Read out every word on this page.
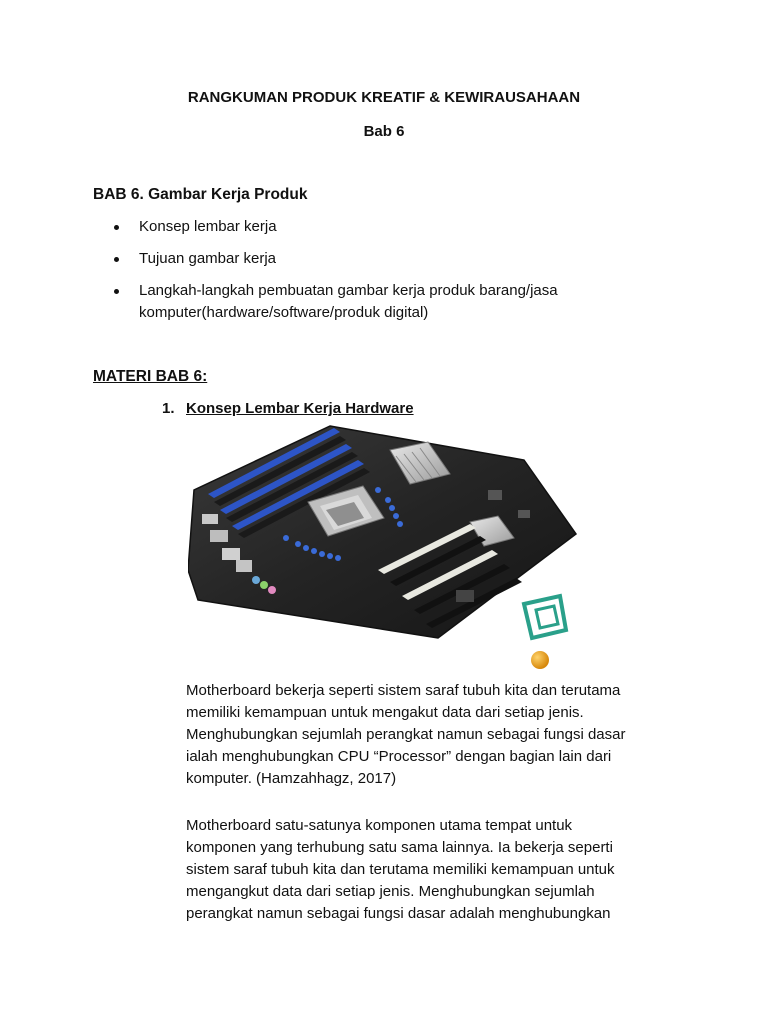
RANGKUMAN PRODUK KREATIF & KEWIRAUSAHAAN
Bab 6
BAB 6. Gambar Kerja Produk
Konsep lembar kerja
Tujuan gambar kerja
Langkah-langkah pembuatan gambar kerja produk barang/jasa
komputer(hardware/software/produk digital)
MATERI BAB 6:
1. Konsep Lembar Kerja Hardware
Motherboard bekerja seperti sistem saraf tubuh kita dan terutama
memiliki kemampuan untuk mengakut data dari setiap jenis.
Menghubungkan sejumlah perangkat namun sebagai fungsi dasar
ialah menghubungkan CPU “Processor” dengan bagian lain dari
komputer. (Hamzahhagz, 2017)
Motherboard satu-satunya komponen utama tempat untuk
komponen yang terhubung satu sama lainnya. Ia bekerja seperti
sistem saraf tubuh kita dan terutama memiliki kemampuan untuk
mengangkut data dari setiap jenis. Menghubungkan sejumlah
perangkat namun sebagai fungsi dasar adalah menghubungkan
